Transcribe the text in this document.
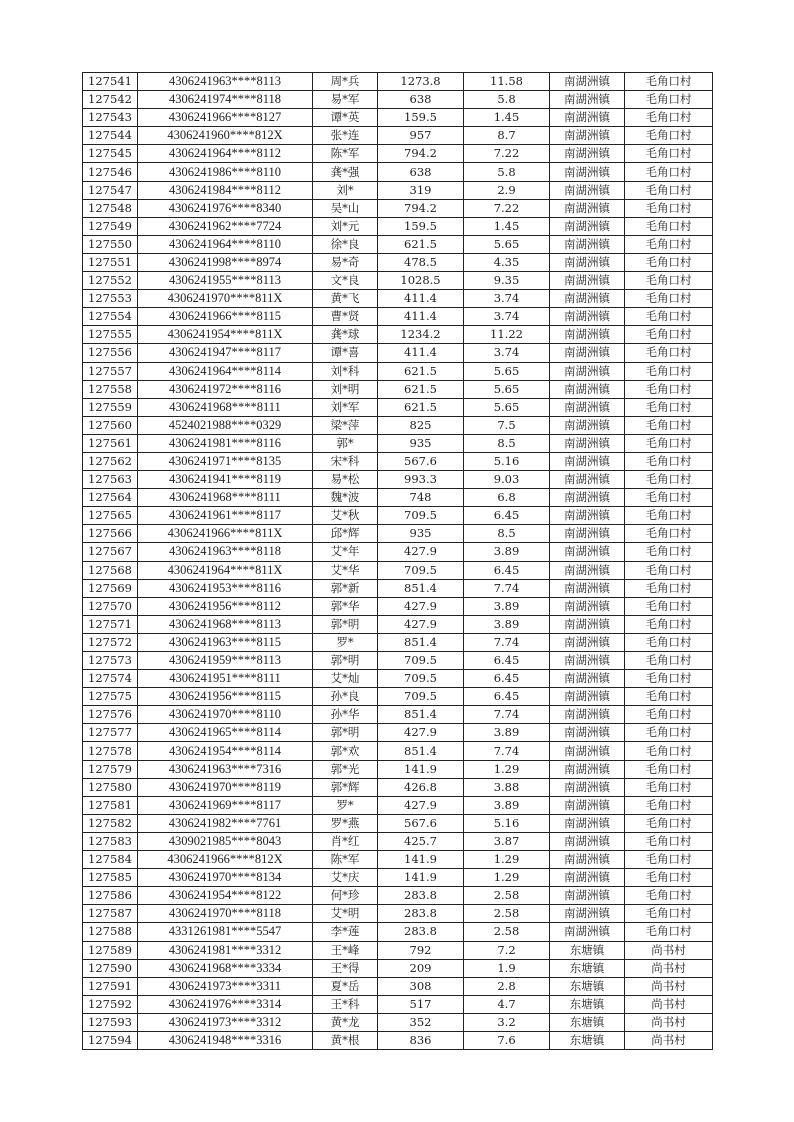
127541	4306241963****8113	周*兵	1273.8	11.58	南湖洲镇	毛角口村
127542	4306241974****8118	易*军	638	5.8	南湖洲镇	毛角口村
127543	4306241966****8127	谭*英	159.5	1.45	南湖洲镇	毛角口村
127544	4306241960****812X	张*连	957	8.7	南湖洲镇	毛角口村
127545	4306241964****8112	陈*军	794.2	7.22	南湖洲镇	毛角口村
127546	4306241986****8110	龚*强	638	5.8	南湖洲镇	毛角口村
127547	4306241984****8112	刘*	319	2.9	南湖洲镇	毛角口村
127548	4306241976****8340	吴*山	794.2	7.22	南湖洲镇	毛角口村
127549	4306241962****7724	刘*元	159.5	1.45	南湖洲镇	毛角口村
127550	4306241964****8110	徐*良	621.5	5.65	南湖洲镇	毛角口村
127551	4306241998****8974	易*奇	478.5	4.35	南湖洲镇	毛角口村
127552	4306241955****8113	文*良	1028.5	9.35	南湖洲镇	毛角口村
127553	4306241970****811X	黄*飞	411.4	3.74	南湖洲镇	毛角口村
127554	4306241966****8115	曹*贤	411.4	3.74	南湖洲镇	毛角口村
127555	4306241954****811X	龚*球	1234.2	11.22	南湖洲镇	毛角口村
127556	4306241947****8117	谭*喜	411.4	3.74	南湖洲镇	毛角口村
127557	4306241964****8114	刘*科	621.5	5.65	南湖洲镇	毛角口村
127558	4306241972****8116	刘*明	621.5	5.65	南湖洲镇	毛角口村
127559	4306241968****8111	刘*军	621.5	5.65	南湖洲镇	毛角口村
127560	4524021988****0329	梁*萍	825	7.5	南湖洲镇	毛角口村
127561	4306241981****8116	郭*	935	8.5	南湖洲镇	毛角口村
127562	4306241971****8135	宋*科	567.6	5.16	南湖洲镇	毛角口村
127563	4306241941****8119	易*松	993.3	9.03	南湖洲镇	毛角口村
127564	4306241968****8111	魏*波	748	6.8	南湖洲镇	毛角口村
127565	4306241961****8117	艾*秋	709.5	6.45	南湖洲镇	毛角口村
127566	4306241966****811X	邱*辉	935	8.5	南湖洲镇	毛角口村
127567	4306241963****8118	艾*年	427.9	3.89	南湖洲镇	毛角口村
127568	4306241964****811X	艾*华	709.5	6.45	南湖洲镇	毛角口村
127569	4306241953****8116	郭*新	851.4	7.74	南湖洲镇	毛角口村
127570	4306241956****8112	郭*华	427.9	3.89	南湖洲镇	毛角口村
127571	4306241968****8113	郭*明	427.9	3.89	南湖洲镇	毛角口村
127572	4306241963****8115	罗*	851.4	7.74	南湖洲镇	毛角口村
127573	4306241959****8113	郭*明	709.5	6.45	南湖洲镇	毛角口村
127574	4306241951****8111	艾*灿	709.5	6.45	南湖洲镇	毛角口村
127575	4306241956****8115	孙*良	709.5	6.45	南湖洲镇	毛角口村
127576	4306241970****8110	孙*华	851.4	7.74	南湖洲镇	毛角口村
127577	4306241965****8114	郭*明	427.9	3.89	南湖洲镇	毛角口村
127578	4306241954****8114	郭*欢	851.4	7.74	南湖洲镇	毛角口村
127579	4306241963****7316	郭*光	141.9	1.29	南湖洲镇	毛角口村
127580	4306241970****8119	郭*辉	426.8	3.88	南湖洲镇	毛角口村
127581	4306241969****8117	罗*	427.9	3.89	南湖洲镇	毛角口村
127582	4306241982****7761	罗*燕	567.6	5.16	南湖洲镇	毛角口村
127583	4309021985****8043	肖*红	425.7	3.87	南湖洲镇	毛角口村
127584	4306241966****812X	陈*军	141.9	1.29	南湖洲镇	毛角口村
127585	4306241970****8134	艾*庆	141.9	1.29	南湖洲镇	毛角口村
127586	4306241954****8122	何*珍	283.8	2.58	南湖洲镇	毛角口村
127587	4306241970****8118	艾*明	283.8	2.58	南湖洲镇	毛角口村
127588	4331261981****5547	李*莲	283.8	2.58	南湖洲镇	毛角口村
127589	4306241981****3312	王*峰	792	7.2	东塘镇	尚书村
127590	4306241968****3334	王*得	209	1.9	东塘镇	尚书村
127591	4306241973****3311	夏*岳	308	2.8	东塘镇	尚书村
127592	4306241976****3314	王*科	517	4.7	东塘镇	尚书村
127593	4306241973****3312	黄*龙	352	3.2	东塘镇	尚书村
127594	4306241948****3316	黄*根	836	7.6	东塘镇	尚书村
